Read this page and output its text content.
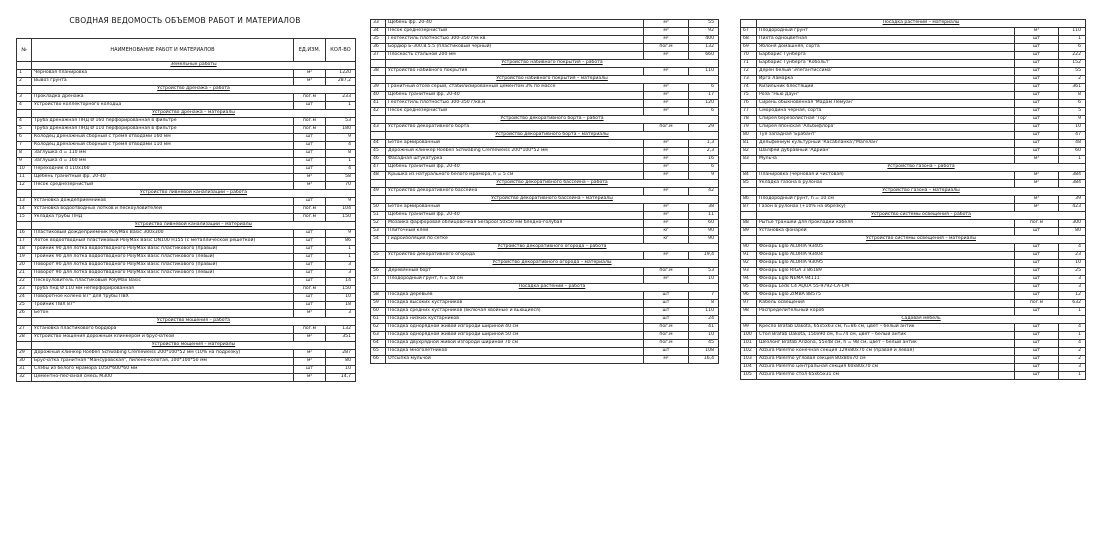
СВОДНАЯ ВЕДОМОСТЬ ОБЪЕМОВ РАБОТ И МАТЕРИАЛОВ
№	НАИМЕНОВАНИЕ РАБОТ И МАТЕРИАЛОВ	ЕД.ИЗМ.	КОЛ-ВО
	Земельные работы		
1	Черновая планировка	м²	1220
2	Вывоз грунта	м³	287,2
	Устройство дренажа – работа		
3	Прокладка дренажа	пог.м	233
4	Устройство коллекторного колодца	шт	1
	Устройство дренажа – материалы		
4	Труба дренажная ПНД Ø 160 перфорированная в фильтре	пог.м	53
5	Труба дренажная ПНД Ø 110 перфорированная в фильтре	пог.м	180
6	Колодец дренажный сборный с тремя отводами 160 мм	шт	9
7	Колодец дренажный сборный с тремя отводами 110 мм	шт	4
8	Заглушка d = 110 мм	шт	8
9	Заглушка d = 160 мм	шт	1
10	Переходник d 110х160	шт	4
11	Щебень гранитный фр. 20-40	м³	58
12	Песок среднезернистый	м³	70
	Устройство ливневой канализации – работа		
13	Установка дождеприемников	шт	9
14	Установка водоотводных лотков и пескоуловителей	пог.м	104
15	Укладка трубы ПНД	пог.м	150
	Устройство ливневой канализации – материалы		
16	Пластиковый дождеприемник PolyMax Basic 300х300	шт	9
17	Лоток водоотводный пластиковый PolyMax Basic DN100 H155 (с металлической решеткой)	шт	86
18	Тройник 90 для лотка водоотводного PolyMax Basic пластикового (правый)	шт	1
19	Тройник 90 для лотка водоотводного PolyMax Basic пластикового (левый)	шт	1
20	Поворот 90 для лотка водоотводного PolyMax Basic пластикового (правый)	шт	3
21	Поворот 90 для лотка водоотводного PolyMax Basic пластикового (левый)	шт	3
22	Пескоуловитель пластиковый PolyMax Basic	шт	14
23	Труба пнд Ø 110 мм неперфорированная	пог.м	150
24	Поворотное колено 87° для трубы ПВХ	шт	10
25	Тройник ПВХ 87°	шт	18
26	Бетон	м³	3
	Устройство мощения – работа		
27	Установка пластикового бордюра	пог.м	132
28	Устройство мощения дорожным клинкером и брусчаткой	м²	351
	Устройство мощения – материалы		
29	Дорожный клинкер Roeben Schwabing Cremeweiss 200*100*52 мм (10% на подрезку)	м²	287
30	Брусчатка гранитная "Мансуровская", пилено-колотая, 100*100*50 мм	м²	80
31	Слэбы из белого мрамора 1050*600*60 мм	шт	10
32	Цементно-песчаная смесь М300	м³	14,7
33	Щебень фр. 20-40	м³	55
34	Песок среднезернистый	м³	92
35	Геотекстиль плотностью 300-350 г/м кв	м²	400
36	Бордюр Б-300.8.5.5 (пластиковый черный)	пог.м	132
37	Плоскость стальной 200 мм	м²	660
	Устройство набивного покрытия – работа		
38	Устройство набивного покрытия	м²	110
	Устройство набивного покрытия – материалы		
39	Гранитный отсев серый, стабилизированный цементом 3% по массе	м³	6
40	Щебень гранитный фр. 20-40	м³	17
41	Геотекстиль плотностью 300-350 г/кв.м	м²	120
42	Песок среднезернистый	м³	6
	Устройство декоративного борта – работа		
43	Устройство декоративного борта	пог.м	29
	Устройство декоративного борта – материалы		
44	Бетон армированный	м³	1,3
45	Дорожный клинкер Roeben Schwabing Cremeweiss 200*100*52 мм	м²	2,3
46	Фасадная штукатурка	м²	16
47	Щебень гранитный фр. 20-40	м³	6
48	Крышка из натурального белого мрамора, h = 5 см	м²	9
	Устройство декоративного бассейна – работа		
49	Устройство декоративного бассейна	м²	42
	Устройство декоративного бассейна – материалы		
50	Бетон армированный	м³	38
51	Щебень гранитный фр. 20-40	м³	11
52	Мозаика фарфоровая облицовочная Serapool 50х50 мм бледно-голубая	м²	60
53	Плиточный клей	кг	90
54	Гидроизоляция по сетке	кг	90
	Устройство декоративного огорода – работа		
55	Устройство декоративного огорода	м²	19,4
	Устройство декоративного огорода – материалы		
56	Деревянный борт	пог.м	53
57	Плодородный грунт, h = 50 см	м³	10
	Посадка растений – работа		
58	Посадка деревьев	шт	7
59	Посадка высоких кустарников	шт	8
60	Посадка средних кустарников (включая хвойные и вьющиеся)	шт	110
61	Посадка низких кустарников	шт	24
62	Посадка однорядной живой изгороди шириной 40 см	пог.м	41
63	Посадка однорядной живой изгороди шириной 50 см	пог.м	10
64	Посадка двухрядной живой изгороди шириной 70 см	пог.м	45
65	Посадка многолетников	шт	108
66	Отсыпка мульчой	м²	16,4
	Посадка растений – материалы		
67	Плодородный грунт	м³	110
68	Пихта одноцветная	шт	1
69	Яблоня домашняя, сорта	шт	6
70	Барбарис Тунберга	шт	222
71	Барбарис Тунберга 'Кобольт'	шт	152
72	Дерен белый 'Элегантиссима'	шт	55
73	Ирга Ламарка	шт	2
74	Кизильник блестящий	шт	361
75	Роза "Нью Даун"	шт	8
76	Сирень обыкновенная 'Мадам Лемуан'	шт	6
77	Смородина черная, сорта	шт	5
78	Спирея березолистная 'Тор'	шт	9
79	Спирея японская 'Альбифлора'	шт	10
80	Туя западная 'Брабант'	шт	47
81	Дельфиниум культурный 'Касабланка'/'Магелан'	шт	48
82	Шалфей дубравный 'Адриан'	шт	60
83	Мульча	м³	1
	Устройство газона – работа		
84	Планировка (черновая и чистовая)	м²	384
85	Укладка газона в рулонах	м²	384
	Устройство газона – материалы		
86	Плодородный грунт, h = 10 см	м³	39
87	Газон в рулонах (+10% на обрезку)	м²	423
	Устройство системы освещения – работа		
88	Рытье траншеи для прокладки кабеля	пог.м	300
89	Установка фонарей	шт	80
	Устройство системы освещения – материалы		
90	Фонарь Eglo ALORIA 93405	шт	4
91	Фонарь Eglo ALORIA 93404	шт	23
92	Фонарь Eglo ALORIA 93095	шт	10
93	Фонарь Eglo RIGA 3 86189	шт	25
94	Фонарь Eglo NEMA 94111	шт	3
95	Фонарь Leds C4 AQUA 55-9792-CA-CM	шт	3
96	Фонарь Eglo ZIMBA 88575	шт	12
97	Кабель освещения	пог.м	632
98	Распределительный короб	шт	1
	Садовая мебель		
99	Кресло Brafab Dakota, 65х5х63 см, h=86 см, цвет – белый антик	шт	4
100	Стол Brafab Dakota, 150х90 см, h=74 см, цвет – белый антик	шт	1
101	Шезлонг Brafab Arizona, 55х48 см, h = 98 см, цвет – белый антик	шт	4
102	Azzura Palermo конечная секция 129х80х70 см (правая и левая)	шт	2
103	Azzura Palermo угловая секция 80х80х70 см	шт	2
104	Azzura Palermo центральная секция 60х80х70 см	шт	3
105	Azzura Palermo стол 65х65х31 см	шт	1
